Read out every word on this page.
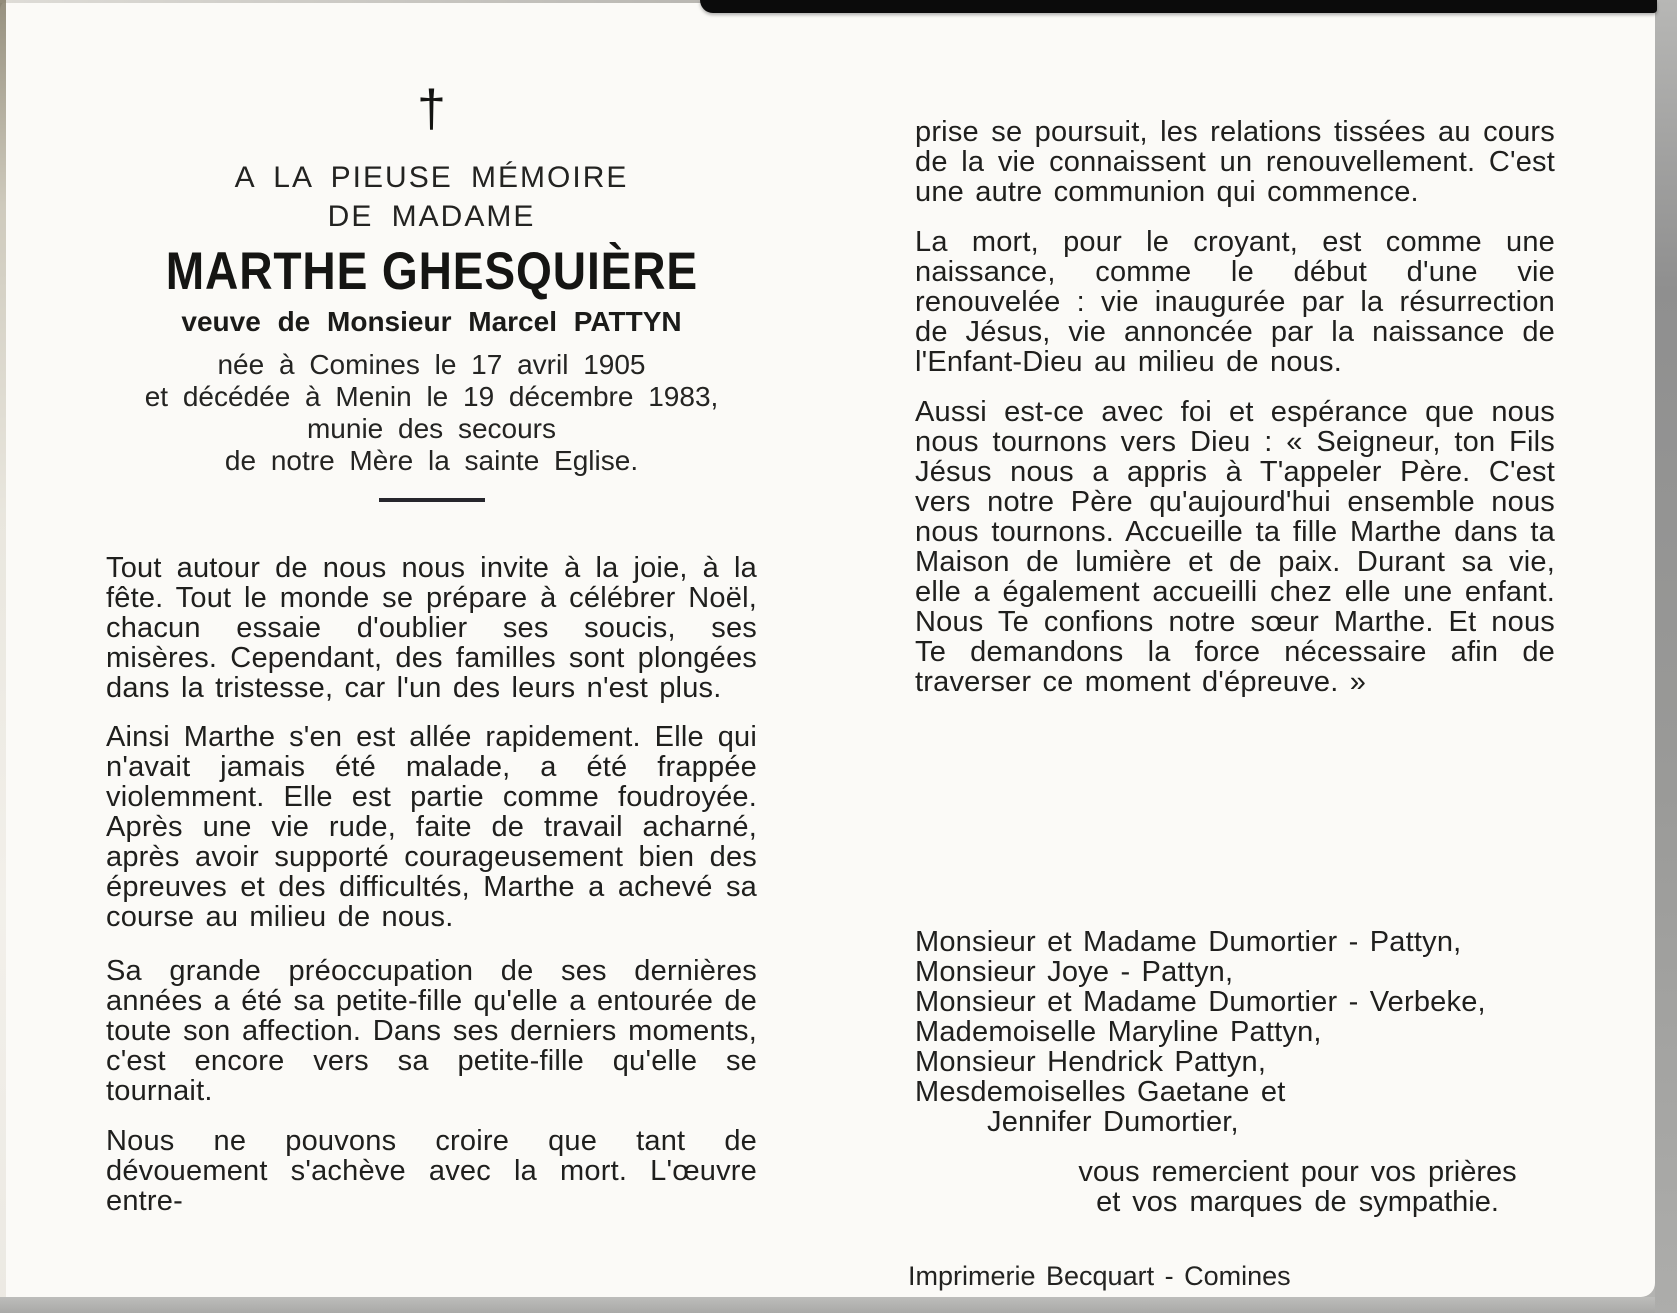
†
A LA PIEUSE MÉMOIRE
DE MADAME
MARTHE GHESQUIÈRE
veuve de Monsieur Marcel PATTYN
née à Comines le 17 avril 1905
et décédée à Menin le 19 décembre 1983,
munie des secours
de notre Mère la sainte Eglise.

Tout autour de nous nous invite à la joie, à la fête. Tout le monde se prépare à célébrer Noël, chacun essaie d'oublier ses soucis, ses misères. Cependant, des familles sont plongées dans la tristesse, car l'un des leurs n'est plus.

Ainsi Marthe s'en est allée rapidement. Elle qui n'avait jamais été malade, a été frappée violemment. Elle est partie comme foudroyée. Après une vie rude, faite de travail acharné, après avoir supporté courageusement bien des épreuves et des difficultés, Marthe a achevé sa course au milieu de nous.

Sa grande préoccupation de ses dernières années a été sa petite-fille qu'elle a entourée de toute son affection. Dans ses derniers moments, c'est encore vers sa petite-fille qu'elle se tournait.

Nous ne pouvons croire que tant de dévouement s'achève avec la mort. L'œuvre entre-

prise se poursuit, les relations tissées au cours de la vie connaissent un renouvellement. C'est une autre communion qui commence.

La mort, pour le croyant, est comme une naissance, comme le début d'une vie renouvelée : vie inaugurée par la résurrection de Jésus, vie annoncée par la naissance de l'Enfant-Dieu au milieu de nous.

Aussi est-ce avec foi et espérance que nous nous tournons vers Dieu : « Seigneur, ton Fils Jésus nous a appris à T'appeler Père. C'est vers notre Père qu'aujourd'hui ensemble nous nous tournons. Accueille ta fille Marthe dans ta Maison de lumière et de paix. Durant sa vie, elle a également accueilli chez elle une enfant. Nous Te confions notre sœur Marthe. Et nous Te demandons la force nécessaire afin de traverser ce moment d'épreuve. »

Monsieur et Madame Dumortier - Pattyn,
Monsieur Joye - Pattyn,
Monsieur et Madame Dumortier - Verbeke,
Mademoiselle Maryline Pattyn,
Monsieur Hendrick Pattyn,
Mesdemoiselles Gaetane et
Jennifer Dumortier,
vous remercient pour vos prières
et vos marques de sympathie.
Imprimerie Becquart - Comines
